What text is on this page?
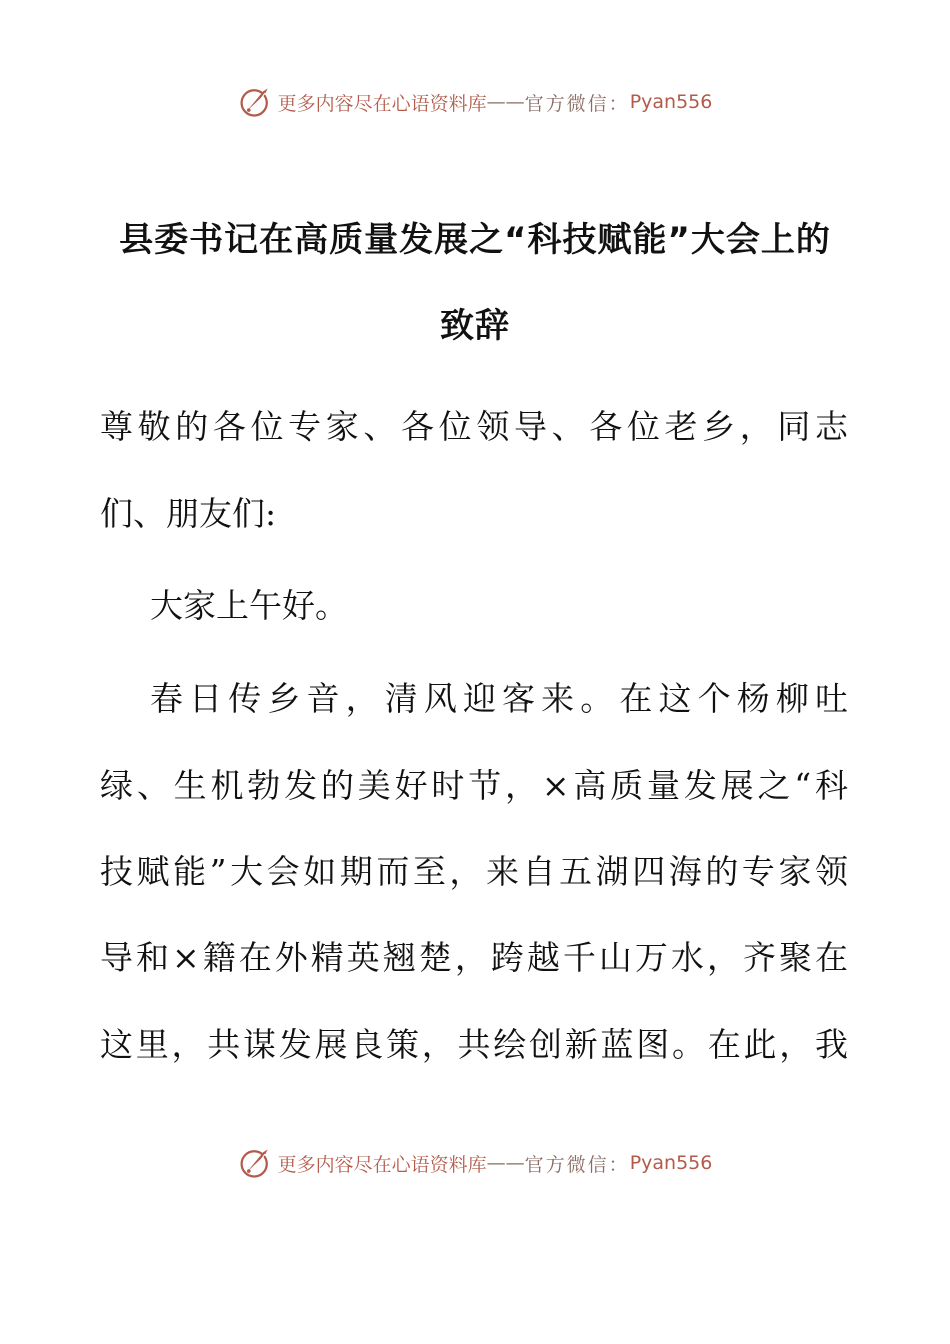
更多内容尽在心语资料库 —— 官方微信： Pyan556
县委书记在高质量发展之“科技赋能”大会上的
致辞
尊敬的各位专家、各位领导、各位老乡，同志
们、朋友们:
大家上午好。
春日传乡音，清风迎客来。在这个杨柳吐
绿、生机勃发的美好时节，×高质量发展之“科
技赋能”大会如期而至，来自五湖四海的专家领
导和×籍在外精英翘楚，跨越千山万水，齐聚在
这里，共谋发展良策，共绘创新蓝图。在此，我
更多内容尽在心语资料库 —— 官方微信： Pyan556
